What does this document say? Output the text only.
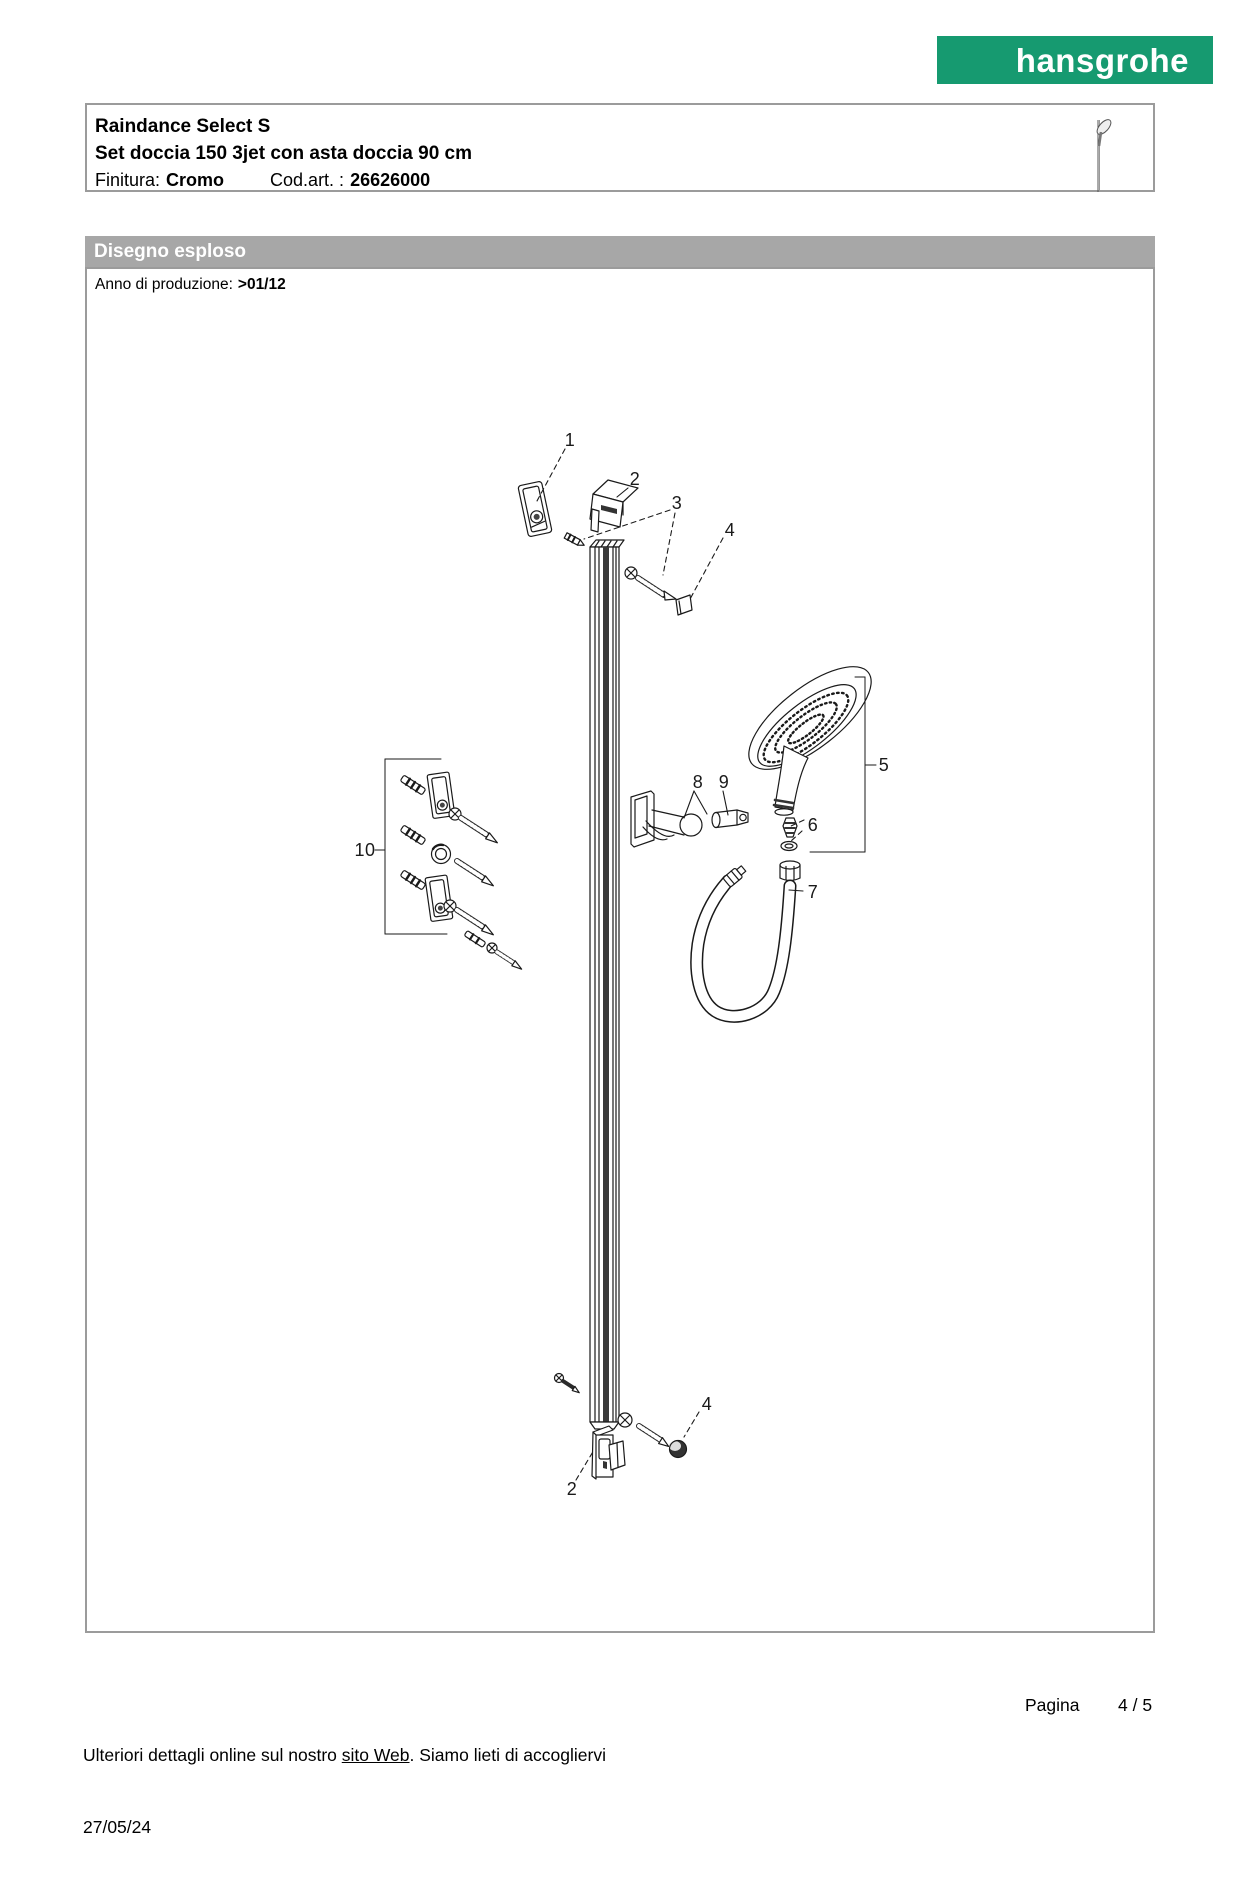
hansgrohe
Raindance Select S
Set doccia 150 3jet con asta doccia 90 cm
Finitura: Cromo	Cod.art. : 26626000
Disegno esploso
Anno di produzione: >01/12
1
2
3
4
5
8 9
6
7
10
4
2

Ulteriori dettagli online sul nostro sito Web. Siamo lieti di accogliervi

27/05/24

Pagina 4 / 5
